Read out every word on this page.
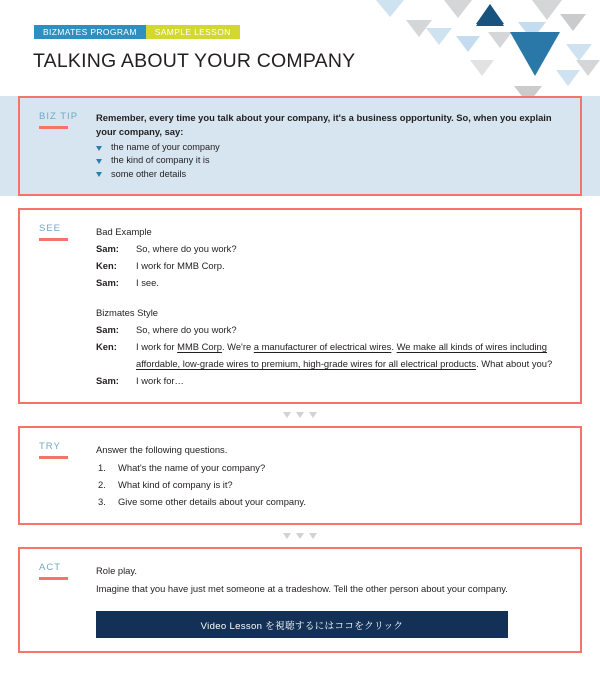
BIZMATES PROGRAM	SAMPLE LESSON
TALKING ABOUT YOUR COMPANY
BIZ TIP	Remember, every time you talk about your company, it's a business opportunity. So, when you explain your company, say:

the name of your company
the kind of company it is
some other details
SEE	Bad Example
Sam:	So, where do you work?
Ken:	I work for MMB Corp.
Sam:	I see.
Bizmates Style
Sam:	So, where do you work?
Ken:	I work for MMB Corp. We're a manufacturer of electrical wires. We make all kinds of wires including affordable, low-grade wires to premium, high-grade wires for all electrical products. What about you?
Sam:	I work for…
TRY	Answer the following questions.
1. What's the name of your company?
2. What kind of company is it?
3. Give some other details about your company.
ACT	Role play.
Imagine that you have just met someone at a tradeshow. Tell the other person about your company.
Video Lesson を視聴するにはココをクリック
